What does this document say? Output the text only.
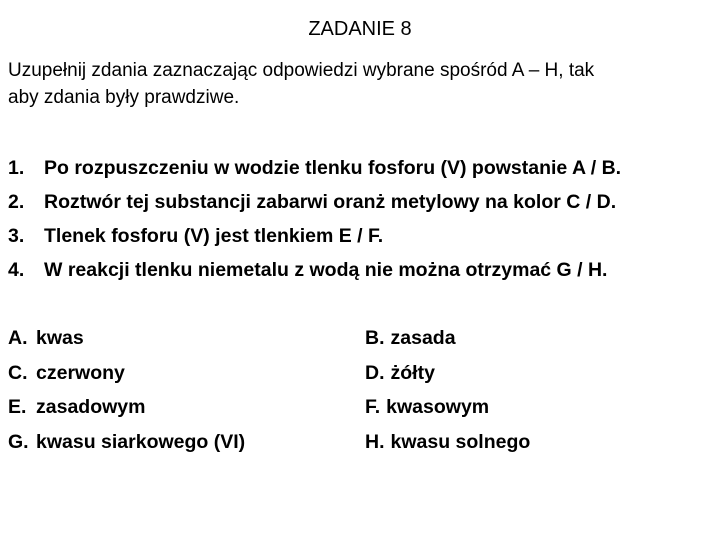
ZADANIE 8
Uzupełnij zdania zaznaczając odpowiedzi wybrane spośród A – H, tak
aby zdania były prawdziwe.
1.	Po rozpuszczeniu w wodzie tlenku fosforu (V) powstanie A / B.
2.	Roztwór tej substancji zabarwi oranż metylowy na kolor C / D.
3.	Tlenek fosforu (V) jest tlenkiem E / F.
4.	W reakcji tlenku niemetalu z wodą nie można otrzymać G / H.
A. kwas	B. zasada
C. czerwony	D. żółty
E. zasadowym	F. kwasowym
G. kwasu siarkowego (VI)	H. kwasu solnego
